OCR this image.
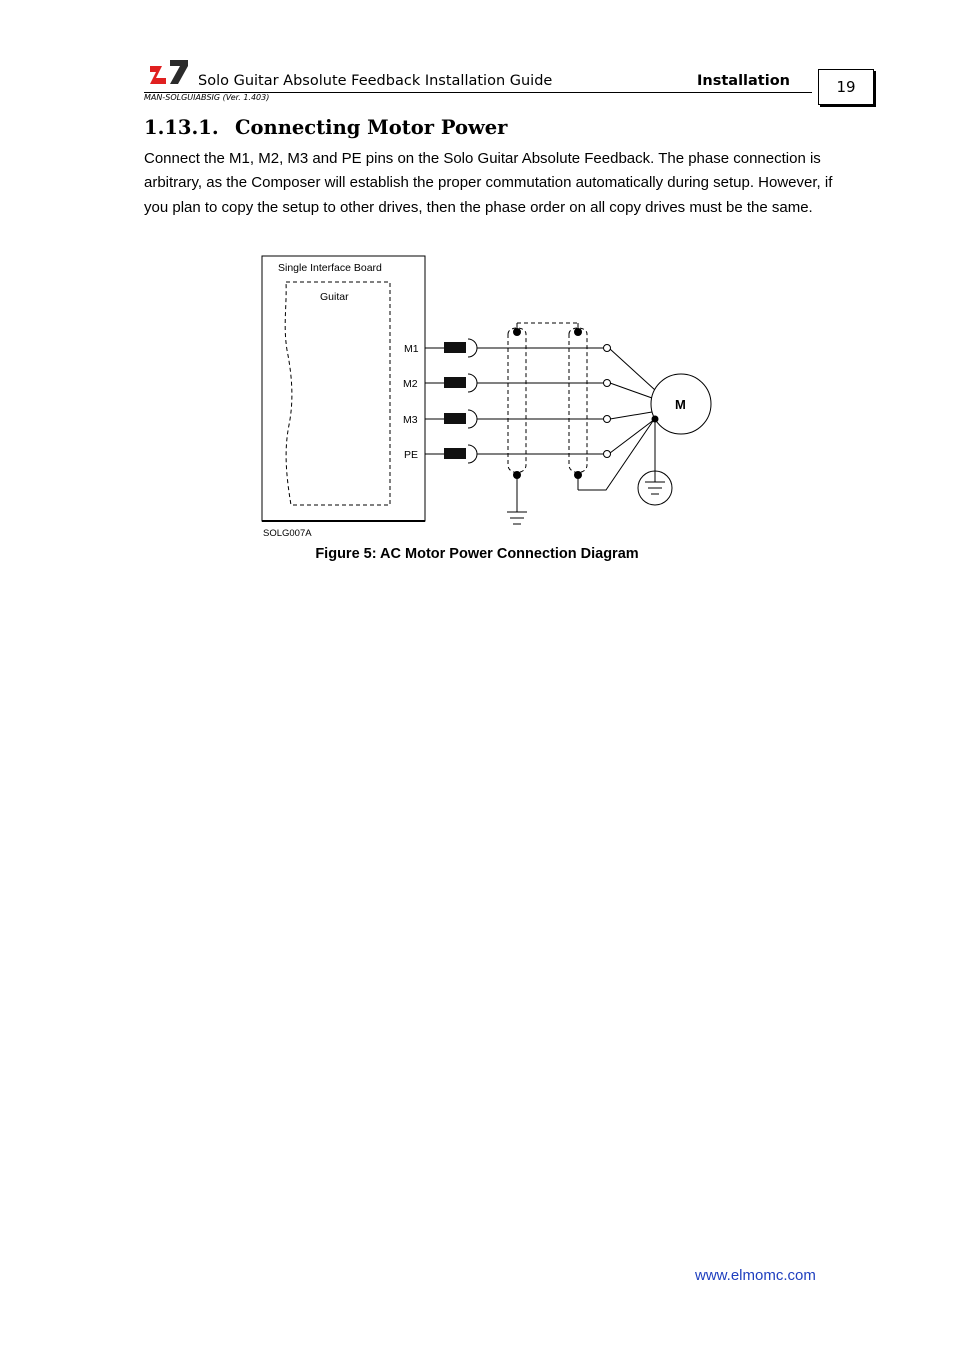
Solo Guitar Absolute Feedback Installation Guide	Installation
MAN-SOLGUIABSIG (Ver. 1.403)
19
1.13.1. Connecting Motor Power
Connect the M1, M2, M3 and PE pins on the Solo Guitar Absolute Feedback. The phase connection is arbitrary, as the Composer will establish the proper commutation automatically during setup. However, if you plan to copy the setup to other drives, then the phase order on all copy drives must be the same.
Single Interface Board
Guitar
M1
M2
M3
PE
M
SOLG007A
Figure 5: AC Motor Power Connection Diagram
www.elmomc.com
